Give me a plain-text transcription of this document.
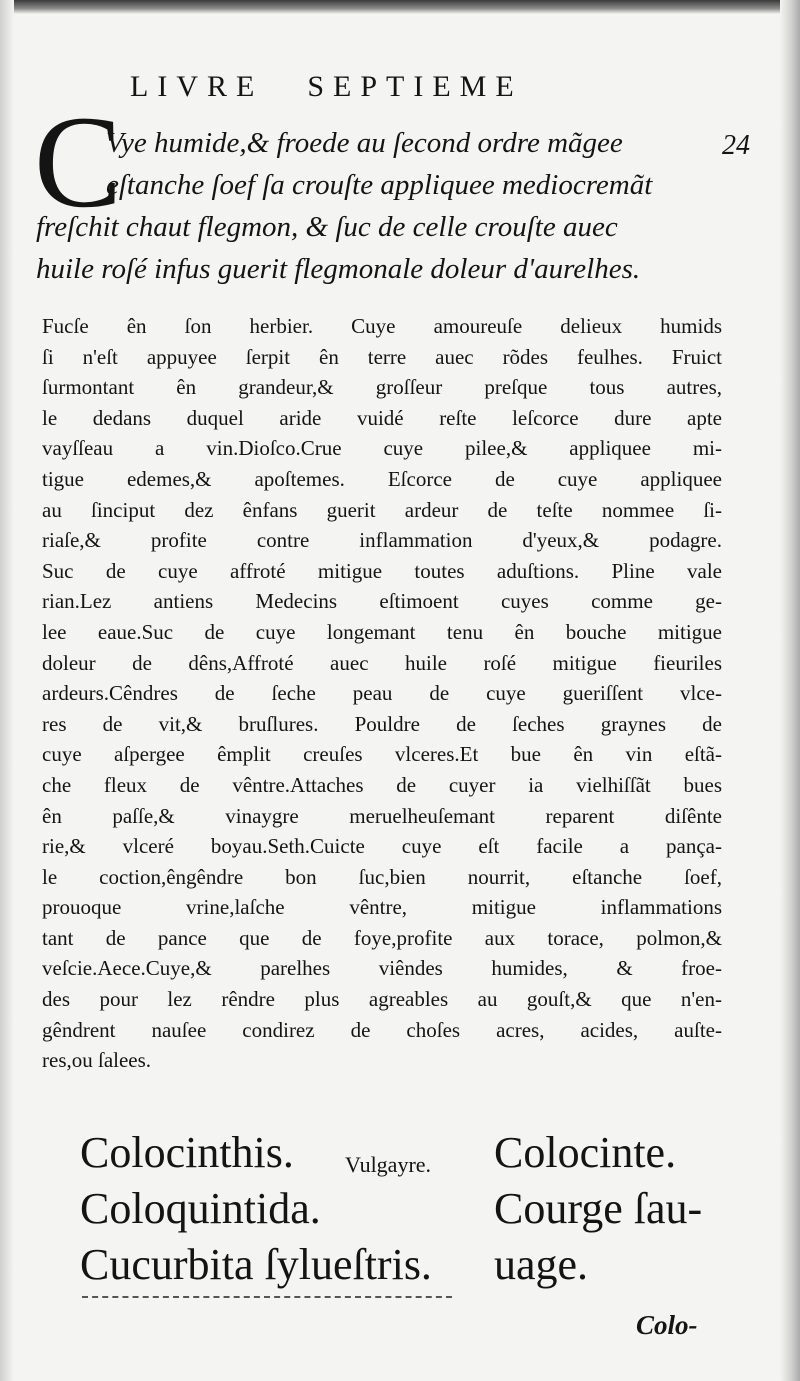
LIVRE SEPTIEME
24
C
Vye humide,& froede au ſecond ordre mãgee
eſtanche ſoef ſa crouſte appliquee mediocremãt
freſchit chaut flegmon, & ſuc de celle crouſte auec
huile roſé infus guerit flegmonale doleur d'aurelhes.
Fucſe ên ſon herbier. Cuye amoureuſe delieux humids
ſi n'eſt appuyee ſerpit ên terre auec rõdes feulhes. Fruict
ſurmontant ên grandeur,& groſſeur preſque tous autres,
le dedans duquel aride vuidé reſte leſcorce dure apte
vayſſeau a vin.Dioſco.Crue cuye pilee,& appliquee mi-
tigue edemes,& apoſtemes. Eſcorce de cuye appliquee
au ſinciput dez ênfans guerit ardeur de teſte nommee ſi-
riaſe,& profite contre inflammation d'yeux,& podagre.
Suc de cuye affroté mitigue toutes aduſtions. Pline vale
rian.Lez antiens Medecins eſtimoent cuyes comme ge-
lee eaue.Suc de cuye longemant tenu ên bouche mitigue
doleur de dêns,Affroté auec huile roſé mitigue fieuriles
ardeurs.Cêndres de ſeche peau de cuye gueriſſent vlce-
res de vit,& bruſlures. Pouldre de ſeches graynes de
cuye aſpergee êmplit creuſes vlceres.Et bue ên vin eſtã-
che fleux de vêntre.Attaches de cuyer ia vielhiſſãt bues
ên paſſe,& vinaygre meruelheuſemant reparent diſênte
rie,& vlceré boyau.Seth.Cuicte cuye eſt facile a pança-
le coction,êngêndre bon ſuc,bien nourrit, eſtanche ſoef,
prouoque vrine,laſche vêntre, mitigue inflammations
tant de pance que de foye,profite aux torace, polmon,&
veſcie.Aece.Cuye,& parelhes viêndes humides, & froe-
des pour lez rêndre plus agreables au gouſt,& que n'en-
gêndrent nauſee condirez de choſes acres, acides, auſte-
res,ou ſalees.
Colocinthis.
Coloquintida.
Cucurbita ſylueſtris.
Vulgayre. Colocinte.
Courge ſau-
uage.
Colo-
